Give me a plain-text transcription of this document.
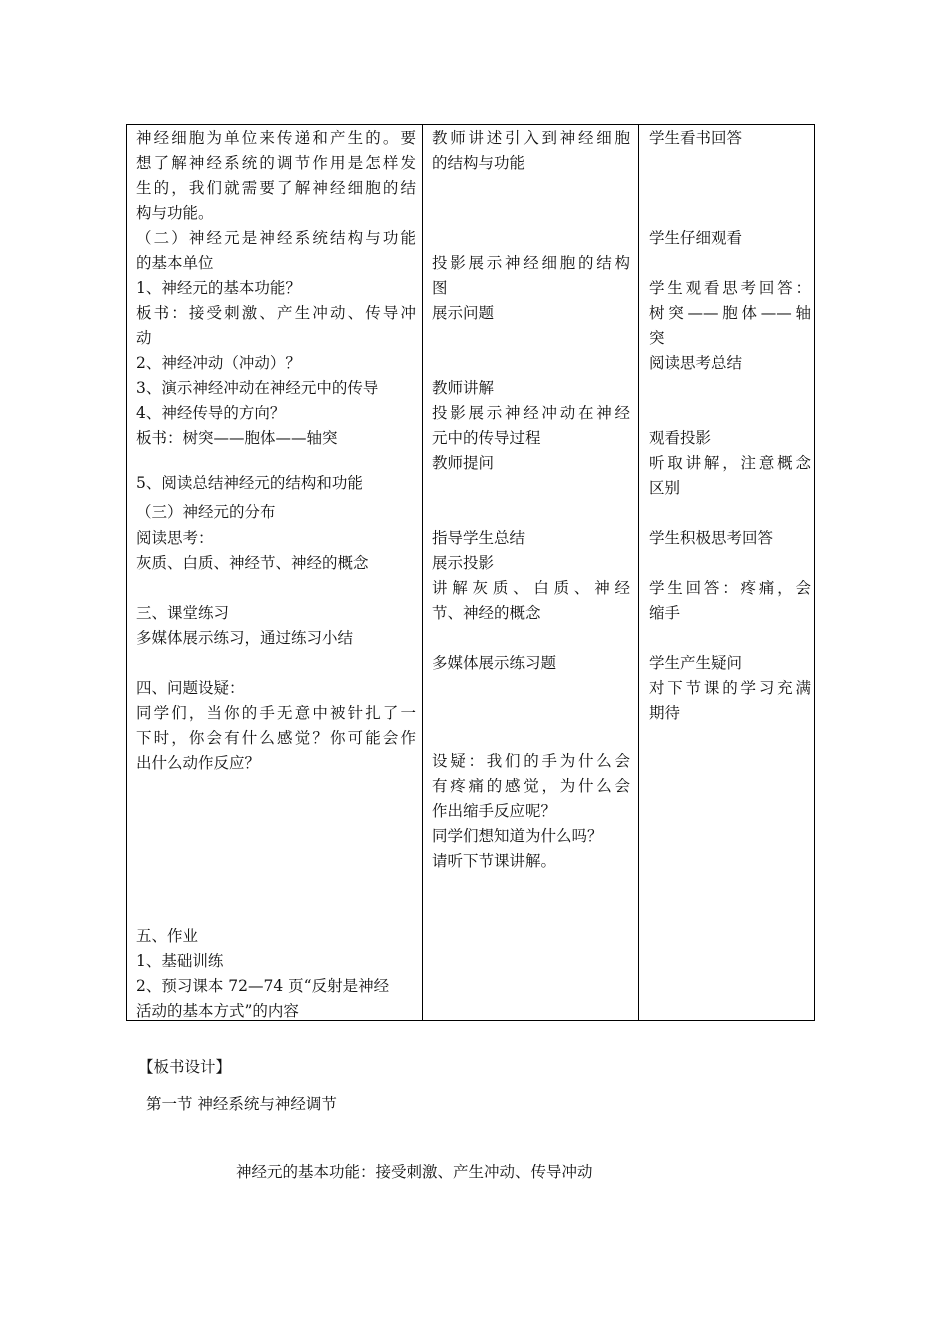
神经细胞为单位来传递和产生的。要
想了解神经系统的调节作用是怎样发
生的，我们就需要了解神经细胞的结
构与功能。
（二）神经元是神经系统结构与功能
的基本单位
1、神经元的基本功能？
板书：接受刺激、产生冲动、传导冲
动
2、神经冲动（冲动）？
3、演示神经冲动在神经元中的传导
4、神经传导的方向？
板书：树突——胞体——轴突
5、阅读总结神经元的结构和功能
（三）神经元的分布
阅读思考：
灰质、白质、神经节、神经的概念
三、课堂练习
多媒体展示练习，通过练习小结
四、问题设疑：
同学们，当你的手无意中被针扎了一
下时，你会有什么感觉？你可能会作
出什么动作反应？
五、作业
1、基础训练
2、预习课本 72—74 页“反射是神经
活动的基本方式”的内容
教师讲述引入到神经细胞
的结构与功能
投影展示神经细胞的结构
图
展示问题
教师讲解
投影展示神经冲动在神经
元中的传导过程
教师提问
指导学生总结
展示投影
讲解灰质、白质、神经
节、神经的概念
多媒体展示练习题
设疑：我们的手为什么会
有疼痛的感觉，为什么会
作出缩手反应呢？
同学们想知道为什么吗？
请听下节课讲解。
学生看书回答
学生仔细观看
学生观看思考回答：
树突——胞体——轴
突
阅读思考总结
观看投影
听取讲解，注意概念
区别
学生积极思考回答
学生回答：疼痛，会
缩手
学生产生疑问
对下节课的学习充满
期待
【板书设计】
第一节 神经系统与神经调节
神经元的基本功能：接受刺激、产生冲动、传导冲动
